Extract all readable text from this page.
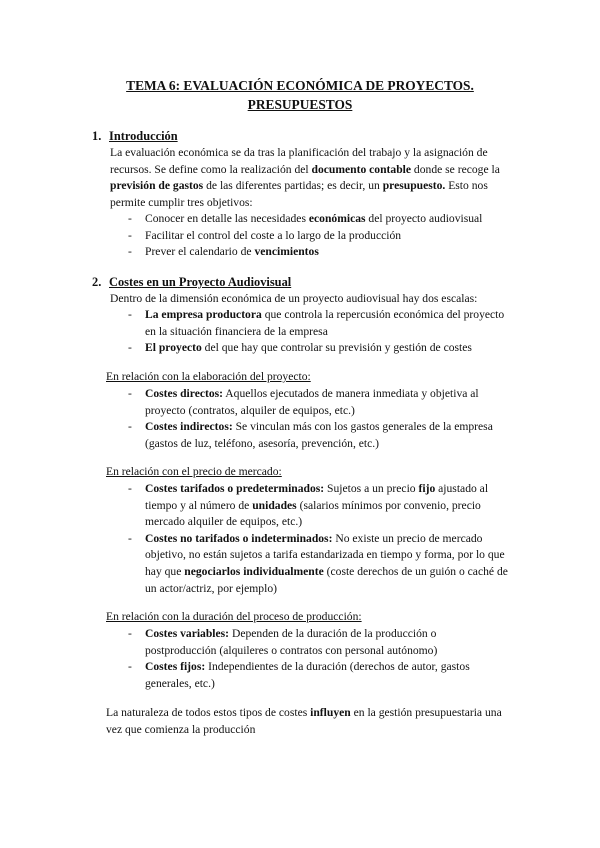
TEMA 6: EVALUACIÓN ECONÓMICA DE PROYECTOS.
PRESUPUESTOS
1. Introducción

La evaluación económica se da tras la planificación del trabajo y la asignación de recursos. Se define como la realización del documento contable donde se recoge la previsión de gastos de las diferentes partidas; es decir, un presupuesto. Esto nos permite cumplir tres objetivos:

- Conocer en detalle las necesidades económicas del proyecto audiovisual
- Facilitar el control del coste a lo largo de la producción
- Prever el calendario de vencimientos
2. Costes en un Proyecto Audiovisual
Dentro de la dimensión económica de un proyecto audiovisual hay dos escalas:
- La empresa productora que controla la repercusión económica del proyecto en la situación financiera de la empresa
- El proyecto del que hay que controlar su previsión y gestión de costes
En relación con la elaboración del proyecto:
- Costes directos: Aquellos ejecutados de manera inmediata y objetiva al proyecto (contratos, alquiler de equipos, etc.)
- Costes indirectos: Se vinculan más con los gastos generales de la empresa (gastos de luz, teléfono, asesoría, prevención, etc.)
En relación con el precio de mercado:
- Costes tarifados o predeterminados: Sujetos a un precio fijo ajustado al tiempo y al número de unidades (salarios mínimos por convenio, precio mercado alquiler de equipos, etc.)
- Costes no tarifados o indeterminados: No existe un precio de mercado objetivo, no están sujetos a tarifa estandarizada en tiempo y forma, por lo que hay que negociarlos individualmente (coste derechos de un guión o caché de un actor/actriz, por ejemplo)
En relación con la duración del proceso de producción:
- Costes variables: Dependen de la duración de la producción o postproducción (alquileres o contratos con personal autónomo)
- Costes fijos: Independientes de la duración (derechos de autor, gastos generales, etc.)

La naturaleza de todos estos tipos de costes influyen en la gestión presupuestaria una vez que comienza la producción
